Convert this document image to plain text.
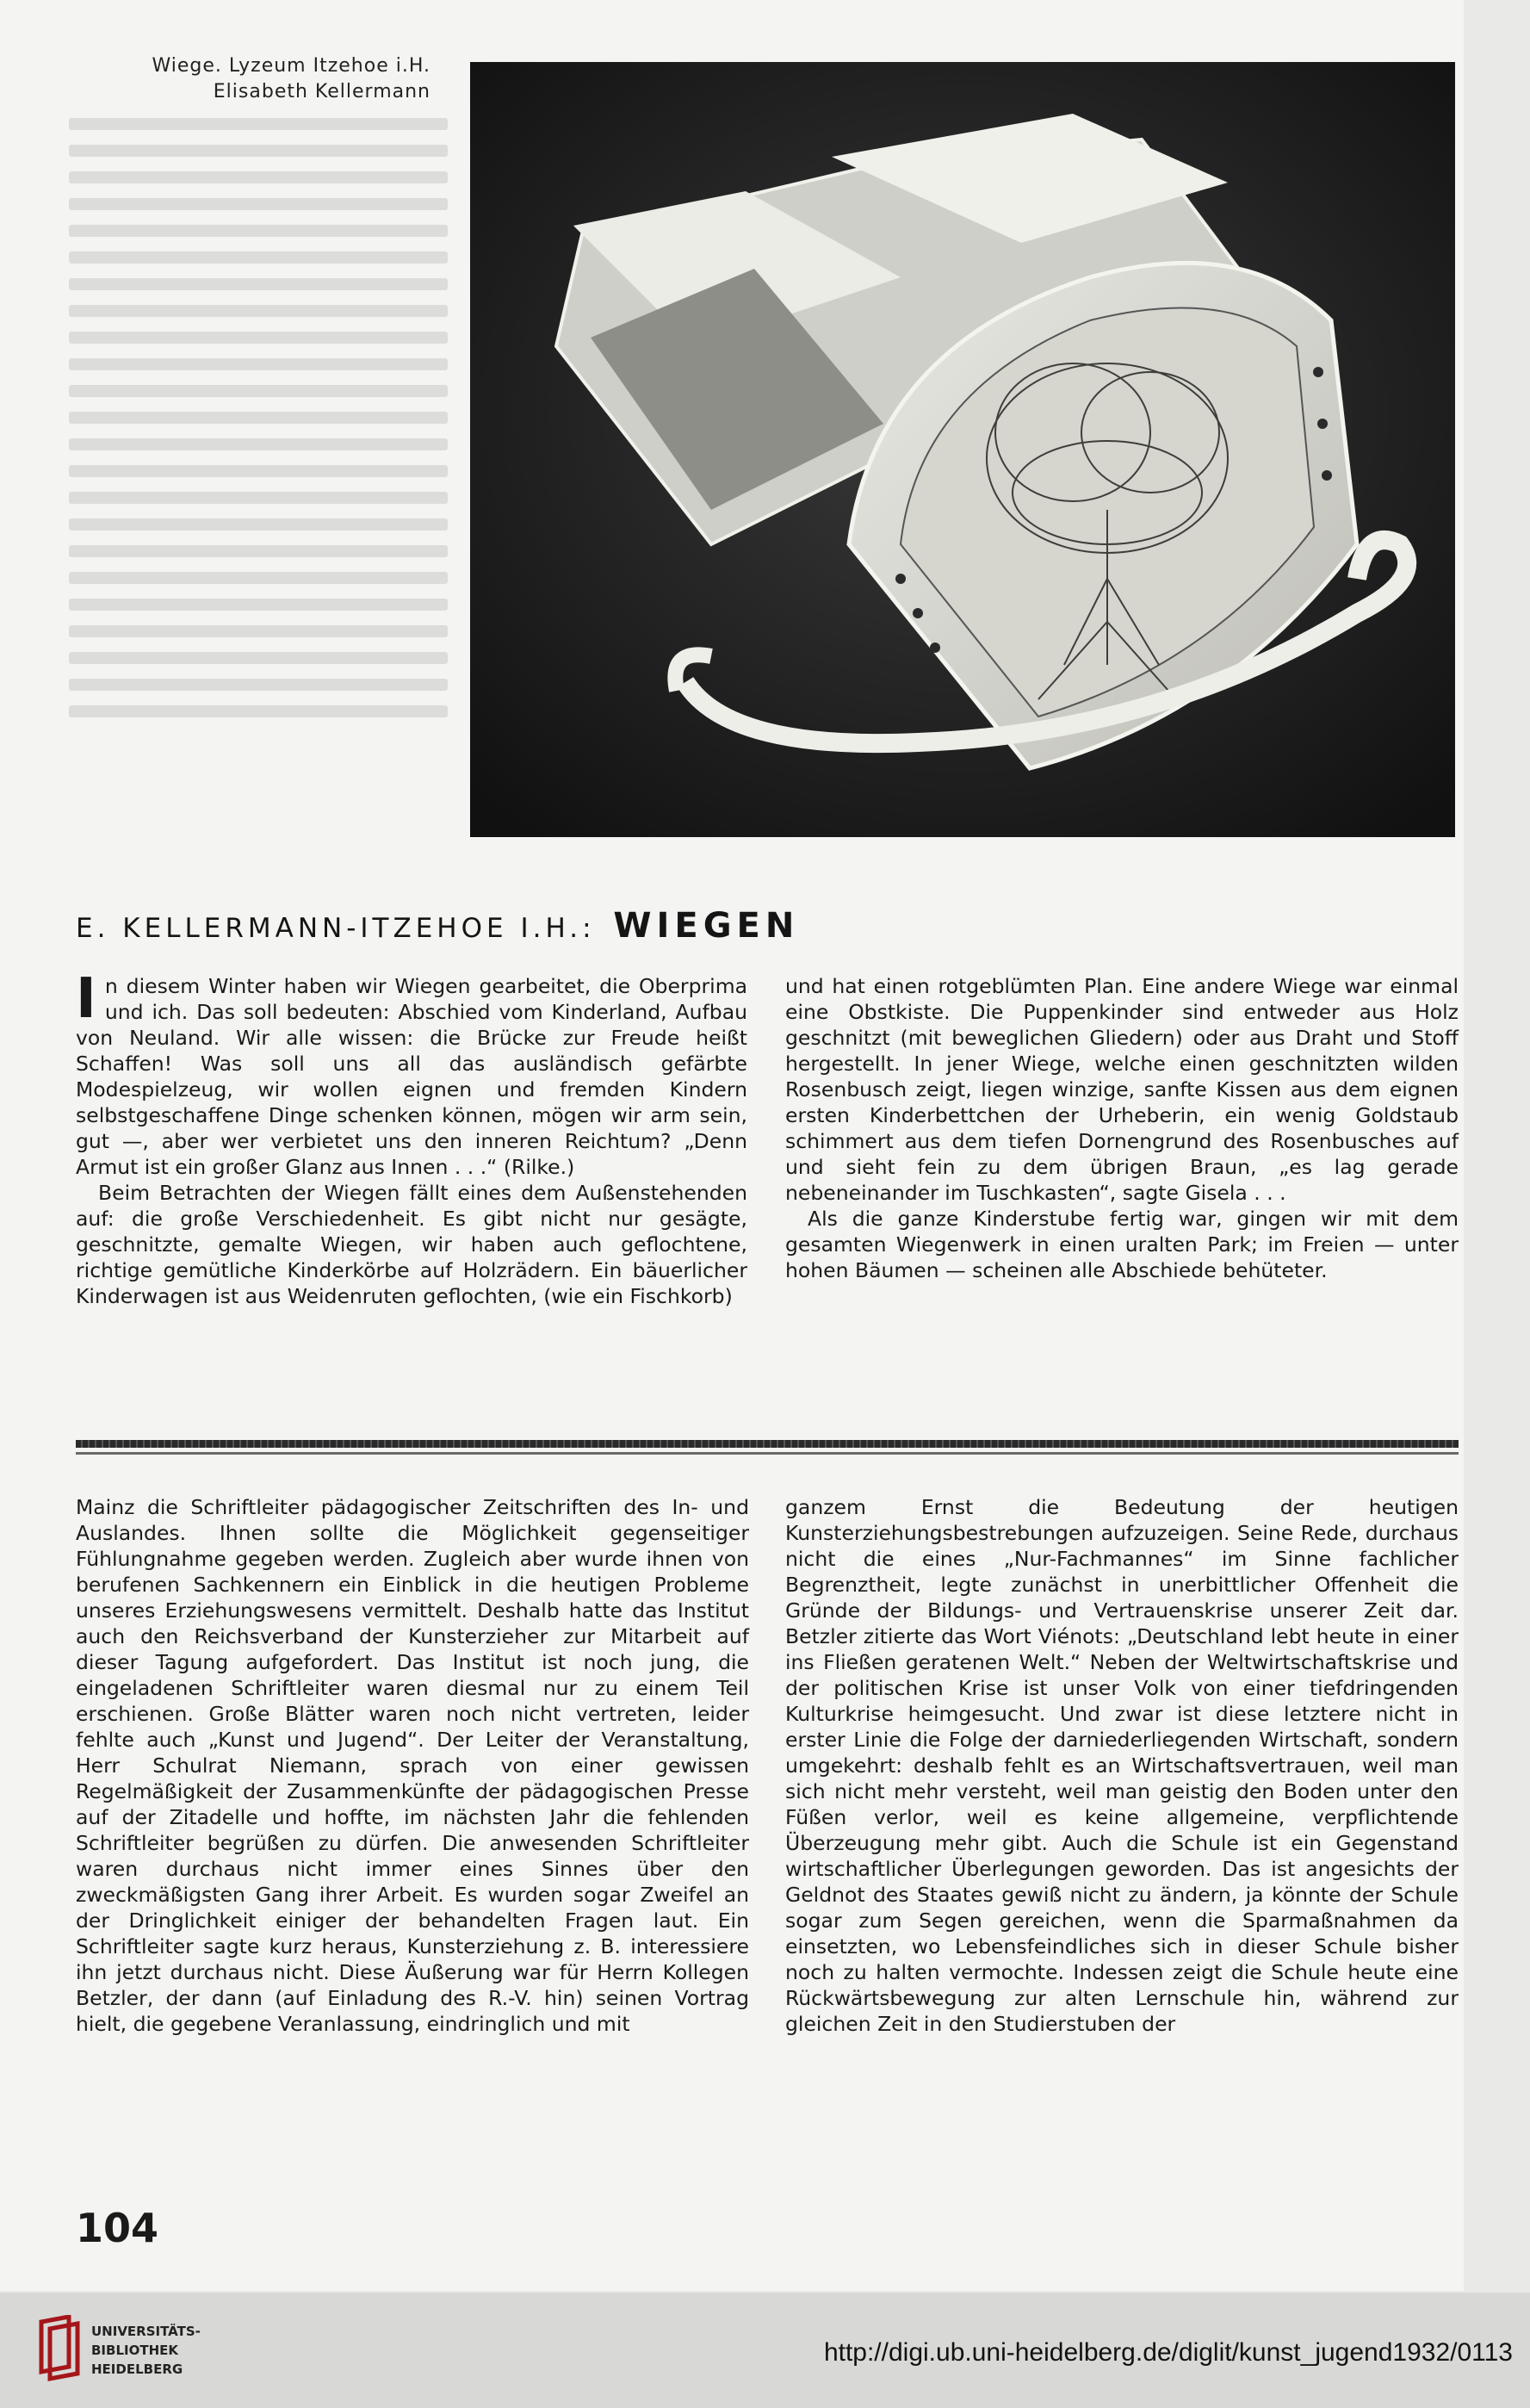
Wiege. Lyzeum Itzehoe i.H.
Elisabeth Kellermann
E. KELLERMANN-ITZEHOE I.H.: WIEGEN

In diesem Winter haben wir Wiegen gearbeitet, die Oberprima und ich. Das soll bedeuten: Abschied vom Kinderland, Aufbau von Neuland. Wir alle wissen: die Brücke zur Freude heißt Schaffen! Was soll uns all das ausländisch gefärbte Modespielzeug, wir wollen eignen und fremden Kindern selbstgeschaffene Dinge schenken können, mögen wir arm sein, gut —, aber wer verbietet uns den inneren Reichtum? „Denn Armut ist ein großer Glanz aus Innen . . .“ (Rilke.)

Beim Betrachten der Wiegen fällt eines dem Außenstehenden auf: die große Verschiedenheit. Es gibt nicht nur gesägte, geschnitzte, gemalte Wiegen, wir haben auch geflochtene, richtige gemütliche Kinderkörbe auf Holzrädern. Ein bäuerlicher Kinderwagen ist aus Weidenruten geflochten, (wie ein Fischkorb)

und hat einen rotgeblümten Plan. Eine andere Wiege war einmal eine Obstkiste. Die Puppenkinder sind entweder aus Holz geschnitzt (mit beweglichen Gliedern) oder aus Draht und Stoff hergestellt. In jener Wiege, welche einen geschnitzten wilden Rosenbusch zeigt, liegen winzige, sanfte Kissen aus dem eignen ersten Kinderbettchen der Urheberin, ein wenig Goldstaub schimmert aus dem tiefen Dornengrund des Rosenbusches auf und sieht fein zu dem übrigen Braun, „es lag gerade nebeneinander im Tuschkasten“, sagte Gisela . . .

Als die ganze Kinderstube fertig war, gingen wir mit dem gesamten Wiegenwerk in einen uralten Park; im Freien — unter hohen Bäumen — scheinen alle Abschiede behüteter.

Mainz die Schriftleiter pädagogischer Zeitschriften des In- und Auslandes. Ihnen sollte die Möglichkeit gegenseitiger Fühlungnahme gegeben werden. Zugleich aber wurde ihnen von berufenen Sachkennern ein Einblick in die heutigen Probleme unseres Erziehungswesens vermittelt. Deshalb hatte das Institut auch den Reichsverband der Kunsterzieher zur Mitarbeit auf dieser Tagung aufgefordert. Das Institut ist noch jung, die eingeladenen Schriftleiter waren diesmal nur zu einem Teil erschienen. Große Blätter waren noch nicht vertreten, leider fehlte auch „Kunst und Jugend“. Der Leiter der Veranstaltung, Herr Schulrat Niemann, sprach von einer gewissen Regelmäßigkeit der Zusammenkünfte der pädagogischen Presse auf der Zitadelle und hoffte, im nächsten Jahr die fehlenden Schriftleiter begrüßen zu dürfen. Die anwesenden Schriftleiter waren durchaus nicht immer eines Sinnes über den zweckmäßigsten Gang ihrer Arbeit. Es wurden sogar Zweifel an der Dringlichkeit einiger der behandelten Fragen laut. Ein Schriftleiter sagte kurz heraus, Kunsterziehung z. B. interessiere ihn jetzt durchaus nicht. Diese Äußerung war für Herrn Kollegen Betzler, der dann (auf Einladung des R.-V. hin) seinen Vortrag hielt, die gegebene Veranlassung, eindringlich und mit

ganzem Ernst die Bedeutung der heutigen Kunsterziehungsbestrebungen aufzuzeigen. Seine Rede, durchaus nicht die eines „Nur-Fachmannes“ im Sinne fachlicher Begrenztheit, legte zunächst in unerbittlicher Offenheit die Gründe der Bildungs- und Vertrauenskrise unserer Zeit dar. Betzler zitierte das Wort Viénots: „Deutschland lebt heute in einer ins Fließen geratenen Welt.“ Neben der Weltwirtschaftskrise und der politischen Krise ist unser Volk von einer tiefdringenden Kulturkrise heimgesucht. Und zwar ist diese letztere nicht in erster Linie die Folge der darniederliegenden Wirtschaft, sondern umgekehrt: deshalb fehlt es an Wirtschaftsvertrauen, weil man sich nicht mehr versteht, weil man geistig den Boden unter den Füßen verlor, weil es keine allgemeine, verpflichtende Überzeugung mehr gibt. Auch die Schule ist ein Gegenstand wirtschaftlicher Überlegungen geworden. Das ist angesichts der Geldnot des Staates gewiß nicht zu ändern, ja könnte der Schule sogar zum Segen gereichen, wenn die Sparmaßnahmen da einsetzten, wo Lebensfeindliches sich in dieser Schule bisher noch zu halten vermochte. Indessen zeigt die Schule heute eine Rückwärtsbewegung zur alten Lernschule hin, während zur gleichen Zeit in den Studierstuben der

104
UNIVERSITÄTS-
BIBLIOTHEK
HEIDELBERG
http://digi.ub.uni-heidelberg.de/diglit/kunst_jugend1932/0113
